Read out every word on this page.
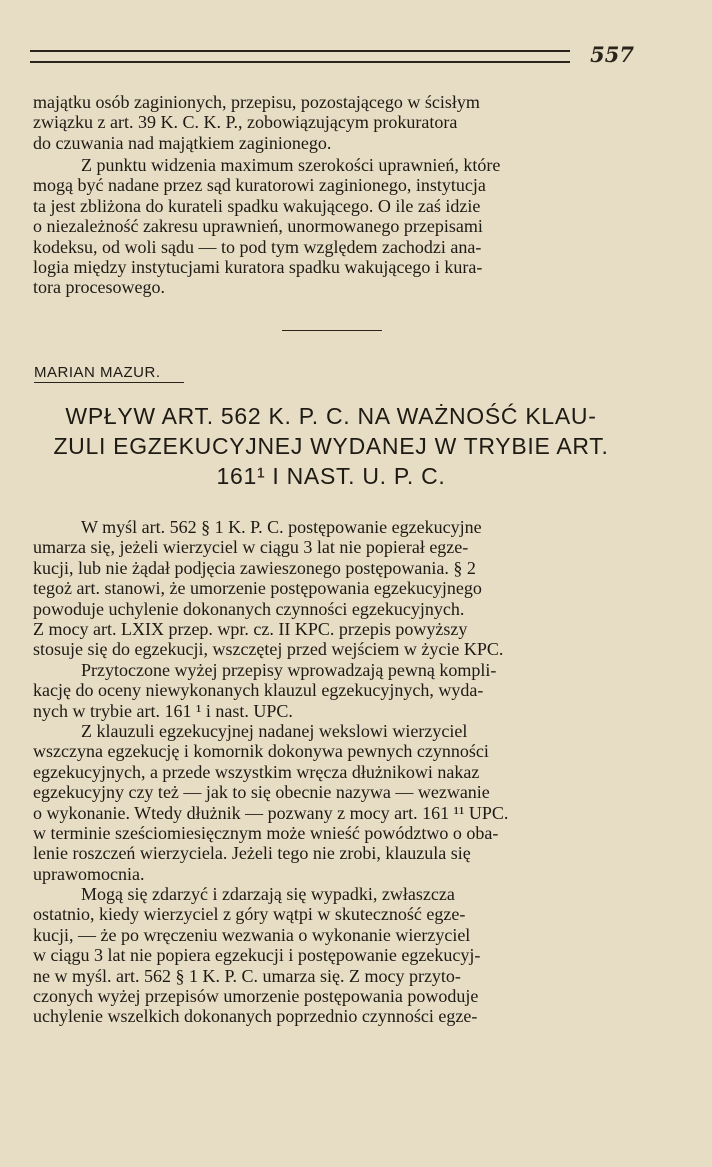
557

majątku osób zaginionych, przepisu, pozostającego w ścisłym
związku z art. 39 K. C. K. P., zobowiązującym prokuratora
do czuwania nad majątkiem zaginionego.

Z punktu widzenia maximum szerokości uprawnień, które
mogą być nadane przez sąd kuratorowi zaginionego, instytucja
ta jest zbliżona do kurateli spadku wakującego. O ile zaś idzie
o niezależność zakresu uprawnień, unormowanego przepisami
kodeksu, od woli sądu — to pod tym względem zachodzi ana-
logia między instytucjami kuratora spadku wakującego i kura-
tora procesowego.

MARIAN MAZUR.

WPŁYW ART. 562 K. P. C. NA WAŻNOŚĆ KLAU-
ZULI EGZEKUCYJNEJ WYDANEJ W TRYBIE ART.
161¹ I NAST. U. P. C.

W myśl art. 562 § 1 K. P. C. postępowanie egzekucyjne
umarza się, jeżeli wierzyciel w ciągu 3 lat nie popierał egze-
kucji, lub nie żądał podjęcia zawieszonego postępowania. § 2
tegoż art. stanowi, że umorzenie postępowania egzekucyjnego
powoduje uchylenie dokonanych czynności egzekucyjnych.
Z mocy art. LXIX przep. wpr. cz. II KPC. przepis powyższy
stosuje się do egzekucji, wszczętej przed wejściem w życie KPC.

Przytoczone wyżej przepisy wprowadzają pewną kompli-
kację do oceny niewykonanych klauzul egzekucyjnych, wyda-
nych w trybie art. 161 ¹ i nast. UPC.

Z klauzuli egzekucyjnej nadanej wekslowi wierzyciel
wszczyna egzekucję i komornik dokonywa pewnych czynności
egzekucyjnych, a przede wszystkim wręcza dłużnikowi nakaz
egzekucyjny czy też — jak to się obecnie nazywa — wezwanie
o wykonanie. Wtedy dłużnik — pozwany z mocy art. 161 ¹¹ UPC.
w terminie sześciomiesięcznym może wnieść powództwo o oba-
lenie roszczeń wierzyciela. Jeżeli tego nie zrobi, klauzula się
uprawomocnia.

Mogą się zdarzyć i zdarzają się wypadki, zwłaszcza
ostatnio, kiedy wierzyciel z góry wątpi w skuteczność egze-
kucji, — że po wręczeniu wezwania o wykonanie wierzyciel
w ciągu 3 lat nie popiera egzekucji i postępowanie egzekucyj-
ne w myśl. art. 562 § 1 K. P. C. umarza się. Z mocy przyto-
czonych wyżej przepisów umorzenie postępowania powoduje
uchylenie wszelkich dokonanych poprzednio czynności egze-
